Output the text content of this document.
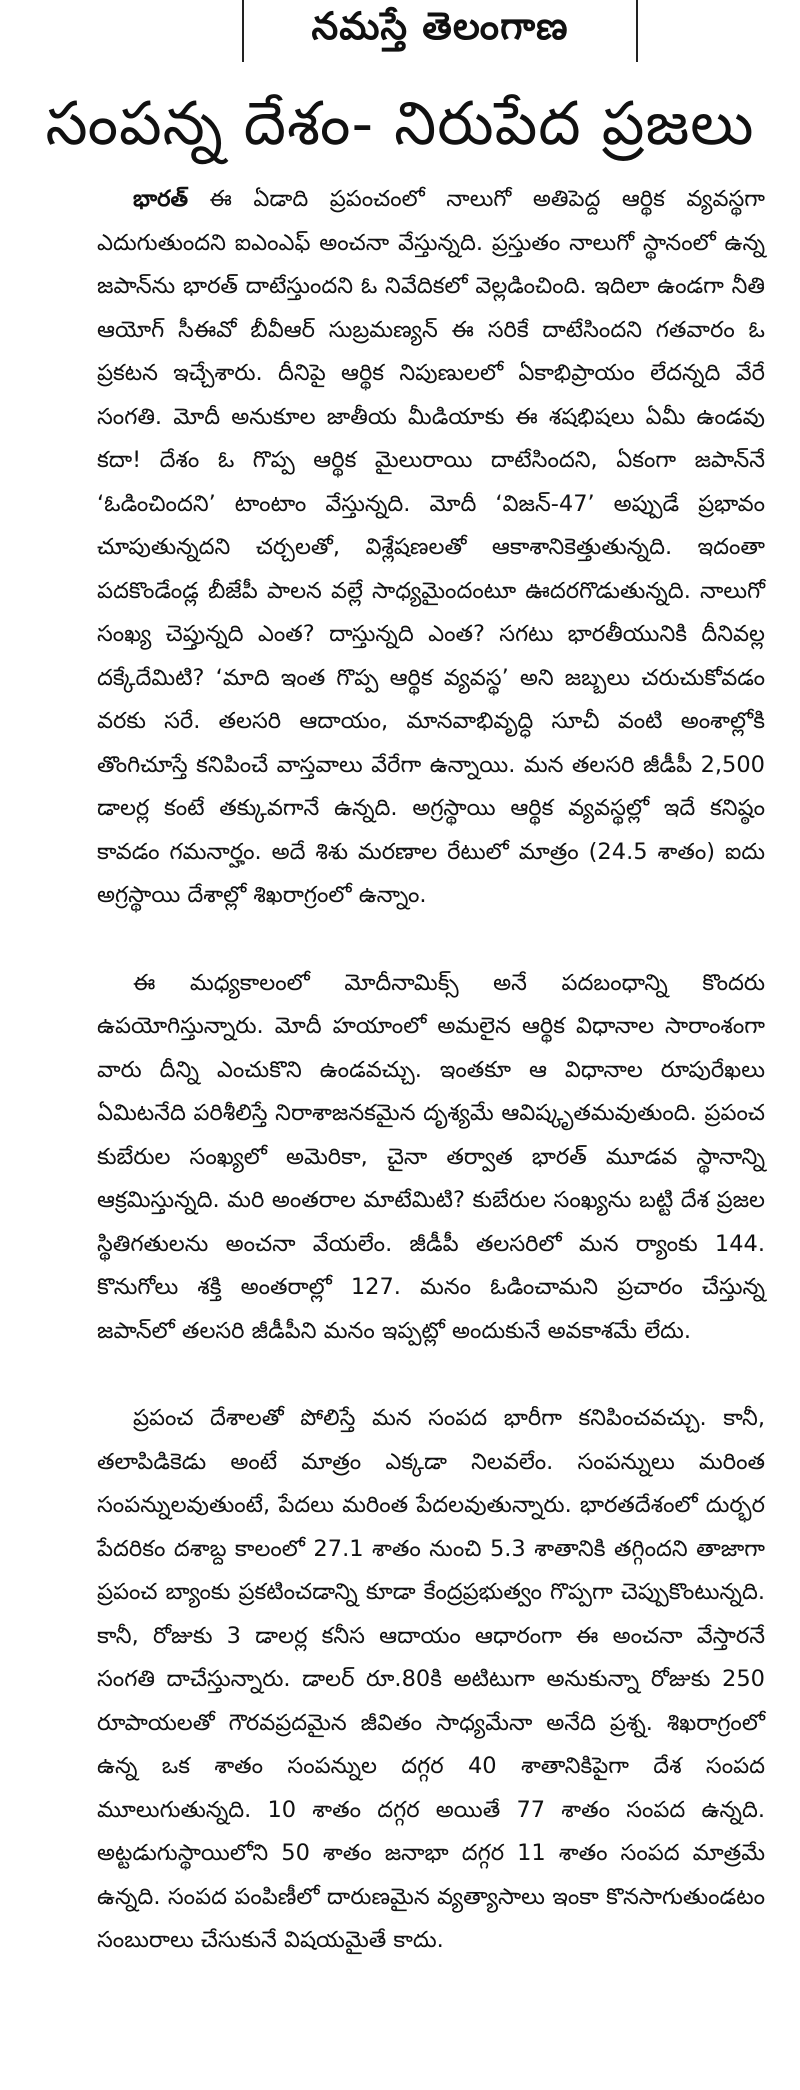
నమస్తే తెలంగాణ
సంపన్న దేశం- నిరుపేద ప్రజలు

భారత్ ఈ ఏడాది ప్రపంచంలో నాలుగో అతిపెద్ద ఆర్థిక వ్యవస్థగా ఎదుగుతుందని ఐఎంఎఫ్ అంచనా వేస్తున్నది. ప్రస్తుతం నాలుగో స్థానంలో ఉన్న జపాన్‌ను భారత్ దాటేస్తుందని ఓ నివేదికలో వెల్లడించింది. ఇదిలా ఉండగా నీతి ఆయోగ్ సీఈవో బీవీఆర్ సుబ్రమణ్యన్ ఈ సరికే దాటేసిందని గతవారం ఓ ప్రకటన ఇచ్చేశారు. దీనిపై ఆర్థిక నిపుణులలో ఏకాభిప్రాయం లేదన్నది వేరే సంగతి. మోదీ అనుకూల జాతీయ మీడియాకు ఈ శషభిషలు ఏమీ ఉండవు కదా! దేశం ఓ గొప్ప ఆర్థిక మైలురాయి దాటేసిందని, ఏకంగా జపాన్‌నే ‘ఓడించిందని’ టాంటాం వేస్తున్నది. మోదీ ‘విజన్-47’ అప్పుడే ప్రభావం చూపుతున్నదని చర్చలతో, విశ్లేషణలతో ఆకాశానికెత్తుతున్నది. ఇదంతా పదకొండేండ్ల బీజేపీ పాలన వల్లే సాధ్యమైందంటూ ఊదరగొడుతున్నది. నాలుగో సంఖ్య చెప్తున్నది ఎంత? దాస్తున్నది ఎంత? సగటు భారతీయునికి దీనివల్ల దక్కేదేమిటి? ‘మాది ఇంత గొప్ప ఆర్థిక వ్యవస్థ’ అని జబ్బలు చరుచుకోవడం వరకు సరే. తలసరి ఆదాయం, మానవాభివృద్ధి సూచీ వంటి అంశాల్లోకి తొంగిచూస్తే కనిపించే వాస్తవాలు వేరేగా ఉన్నాయి. మన తలసరి జీడీపీ 2,500 డాలర్ల కంటే తక్కువగానే ఉన్నది. అగ్రస్థాయి ఆర్థిక వ్యవస్థల్లో ఇదే కనిష్ఠం కావడం గమనార్హం. అదే శిశు మరణాల రేటులో మాత్రం (24.5 శాతం) ఐదు అగ్రస్థాయి దేశాల్లో శిఖరాగ్రంలో ఉన్నాం.

ఈ మధ్యకాలంలో మోదీనామిక్స్ అనే పదబంధాన్ని కొందరు ఉపయోగిస్తున్నారు. మోదీ హయాంలో అమలైన ఆర్థిక విధానాల సారాంశంగా వారు దీన్ని ఎంచుకొని ఉండవచ్చు. ఇంతకూ ఆ విధానాల రూపురేఖలు ఏమిటనేది పరిశీలిస్తే నిరాశాజనకమైన దృశ్యమే ఆవిష్కృతమవుతుంది. ప్రపంచ కుబేరుల సంఖ్యలో అమెరికా, చైనా తర్వాత భారత్ మూడవ స్థానాన్ని ఆక్రమిస్తున్నది. మరి అంతరాల మాటేమిటి? కుబేరుల సంఖ్యను బట్టి దేశ ప్రజల స్థితిగతులను అంచనా వేయలేం. జీడీపీ తలసరిలో మన ర్యాంకు 144. కొనుగోలు శక్తి అంతరాల్లో 127. మనం ఓడించామని ప్రచారం చేస్తున్న జపాన్‌లో తలసరి జీడీపీని మనం ఇప్పట్లో అందుకునే అవకాశమే లేదు.

ప్రపంచ దేశాలతో పోలిస్తే మన సంపద భారీగా కనిపించవచ్చు. కానీ, తలాపిడికెడు అంటే మాత్రం ఎక్కడా నిలవలేం. సంపన్నులు మరింత సంపన్నులవుతుంటే, పేదలు మరింత పేదలవుతున్నారు. భారతదేశంలో దుర్భర పేదరికం దశాబ్ద కాలంలో 27.1 శాతం నుంచి 5.3 శాతానికి తగ్గిందని తాజాగా ప్రపంచ బ్యాంకు ప్రకటించడాన్ని కూడా కేంద్రప్రభుత్వం గొప్పగా చెప్పుకొంటున్నది. కానీ, రోజుకు 3 డాలర్ల కనీస ఆదాయం ఆధారంగా ఈ అంచనా వేస్తారనే సంగతి దాచేస్తున్నారు. డాలర్ రూ.80కి అటిటుగా అనుకున్నా రోజుకు 250 రూపాయలతో గౌరవప్రదమైన జీవితం సాధ్యమేనా అనేది ప్రశ్న. శిఖరాగ్రంలో ఉన్న ఒక శాతం సంపన్నుల దగ్గర 40 శాతానికిపైగా దేశ సంపద మూలుగుతున్నది. 10 శాతం దగ్గర అయితే 77 శాతం సంపద ఉన్నది. అట్టడుగుస్థాయిలోని 50 శాతం జనాభా దగ్గర 11 శాతం సంపద మాత్రమే ఉన్నది. సంపద పంపిణీలో దారుణమైన వ్యత్యాసాలు ఇంకా కొనసాగుతుండటం సంబురాలు చేసుకునే విషయమైతే కాదు.
